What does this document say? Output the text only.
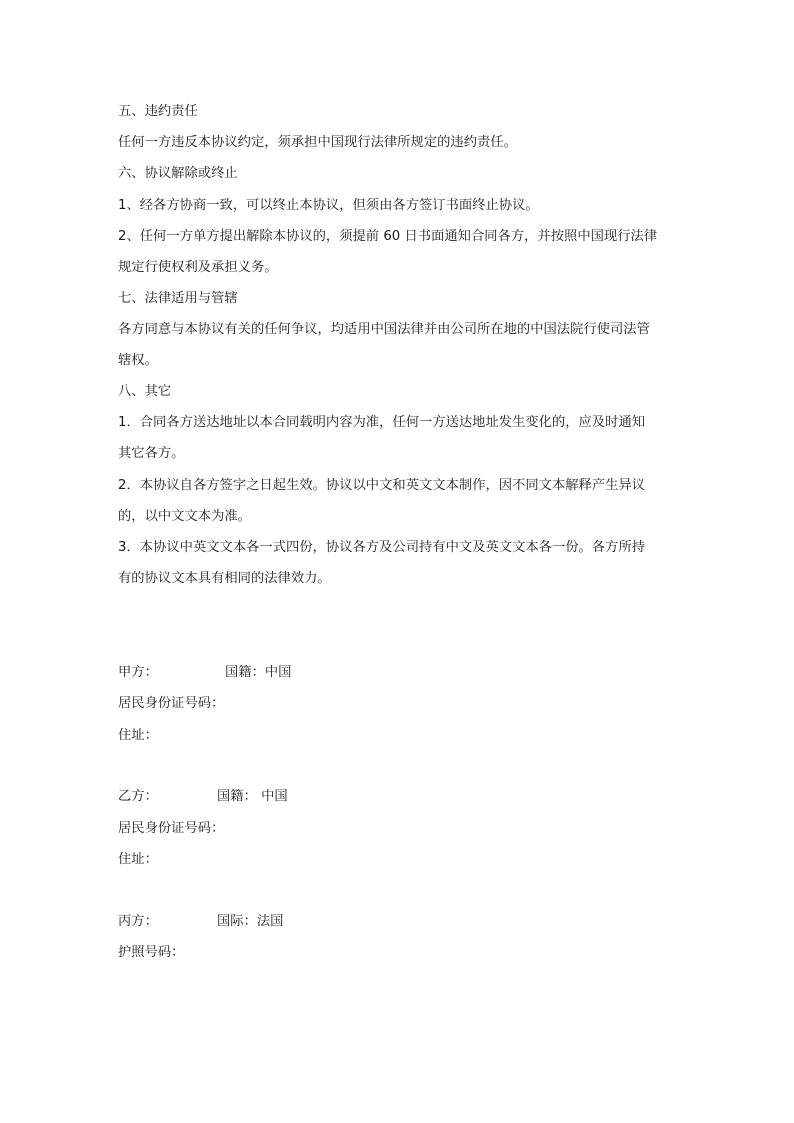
五、违约责任
任何一方违反本协议约定，须承担中国现行法律所规定的违约责任。
六、协议解除或终止
1、经各方协商一致，可以终止本协议，但须由各方签订书面终止协议。
2、任何一方单方提出解除本协议的，须提前 60 日书面通知合同各方，并按照中国现行法律
规定行使权利及承担义务。
七、法律适用与管辖
各方同意与本协议有关的任何争议，均适用中国法律并由公司所在地的中国法院行使司法管
辖权。
八、其它
1．合同各方送达地址以本合同载明内容为准，任何一方送达地址发生变化的，应及时通知
其它各方。
2．本协议自各方签字之日起生效。协议以中文和英文文本制作，因不同文本解释产生异议
的，以中文文本为准。
3．本协议中英文文本各一式四份，协议各方及公司持有中文及英文文本各一份。各方所持
有的协议文本具有相同的法律效力。
甲方：	国籍：中国
居民身份证号码：
住址：
乙方：	国籍： 中国
居民身份证号码：
住址：
丙方：	国际：法国
护照号码：
